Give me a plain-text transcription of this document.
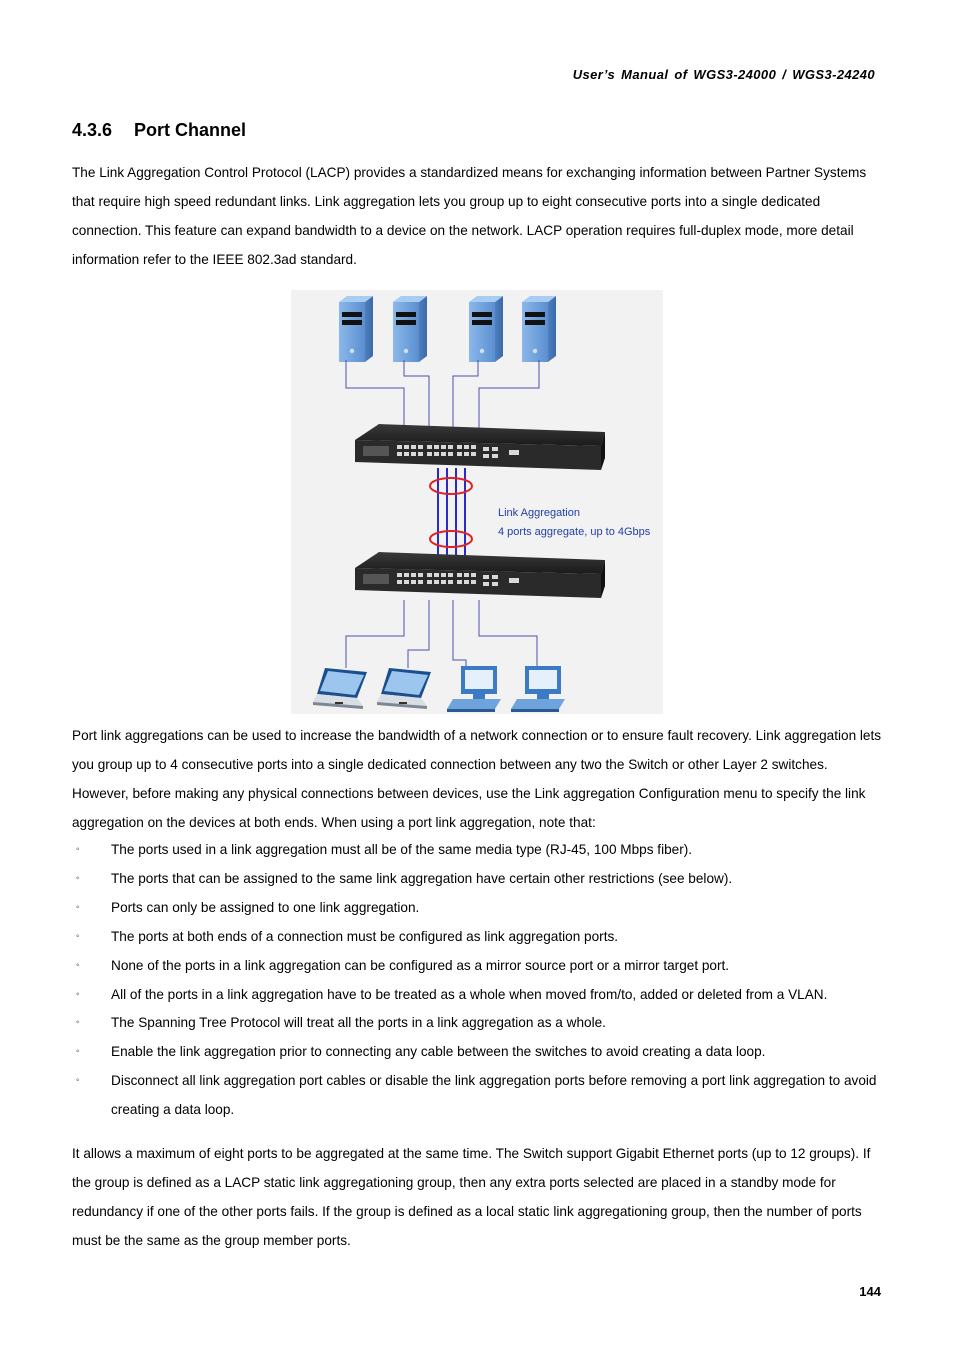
User’s Manual of WGS3-24000 / WGS3-24240
4.3.6 Port Channel

The Link Aggregation Control Protocol (LACP) provides a standardized means for exchanging information between Partner Systems that require high speed redundant links. Link aggregation lets you group up to eight consecutive ports into a single dedicated connection. This feature can expand bandwidth to a device on the network. LACP operation requires full-duplex mode, more detail information refer to the IEEE 802.3ad standard.

Link Aggregation
4 ports aggregate, up to 4Gbps

Port link aggregations can be used to increase the bandwidth of a network connection or to ensure fault recovery. Link aggregation lets you group up to 4 consecutive ports into a single dedicated connection between any two the Switch or other Layer 2 switches. However, before making any physical connections between devices, use the Link aggregation Configuration menu to specify the link aggregation on the devices at both ends. When using a port link aggregation, note that:

◦ The ports used in a link aggregation must all be of the same media type (RJ-45, 100 Mbps fiber).
◦ The ports that can be assigned to the same link aggregation have certain other restrictions (see below).
◦ Ports can only be assigned to one link aggregation.
◦ The ports at both ends of a connection must be configured as link aggregation ports.
◦ None of the ports in a link aggregation can be configured as a mirror source port or a mirror target port.
◦ All of the ports in a link aggregation have to be treated as a whole when moved from/to, added or deleted from a VLAN.
◦ The Spanning Tree Protocol will treat all the ports in a link aggregation as a whole.
◦ Enable the link aggregation prior to connecting any cable between the switches to avoid creating a data loop.
◦ Disconnect all link aggregation port cables or disable the link aggregation ports before removing a port link aggregation to avoid creating a data loop.

It allows a maximum of eight ports to be aggregated at the same time. The Switch support Gigabit Ethernet ports (up to 12 groups). If the group is defined as a LACP static link aggregationing group, then any extra ports selected are placed in a standby mode for redundancy if one of the other ports fails. If the group is defined as a local static link aggregationing group, then the number of ports must be the same as the group member ports.

144
